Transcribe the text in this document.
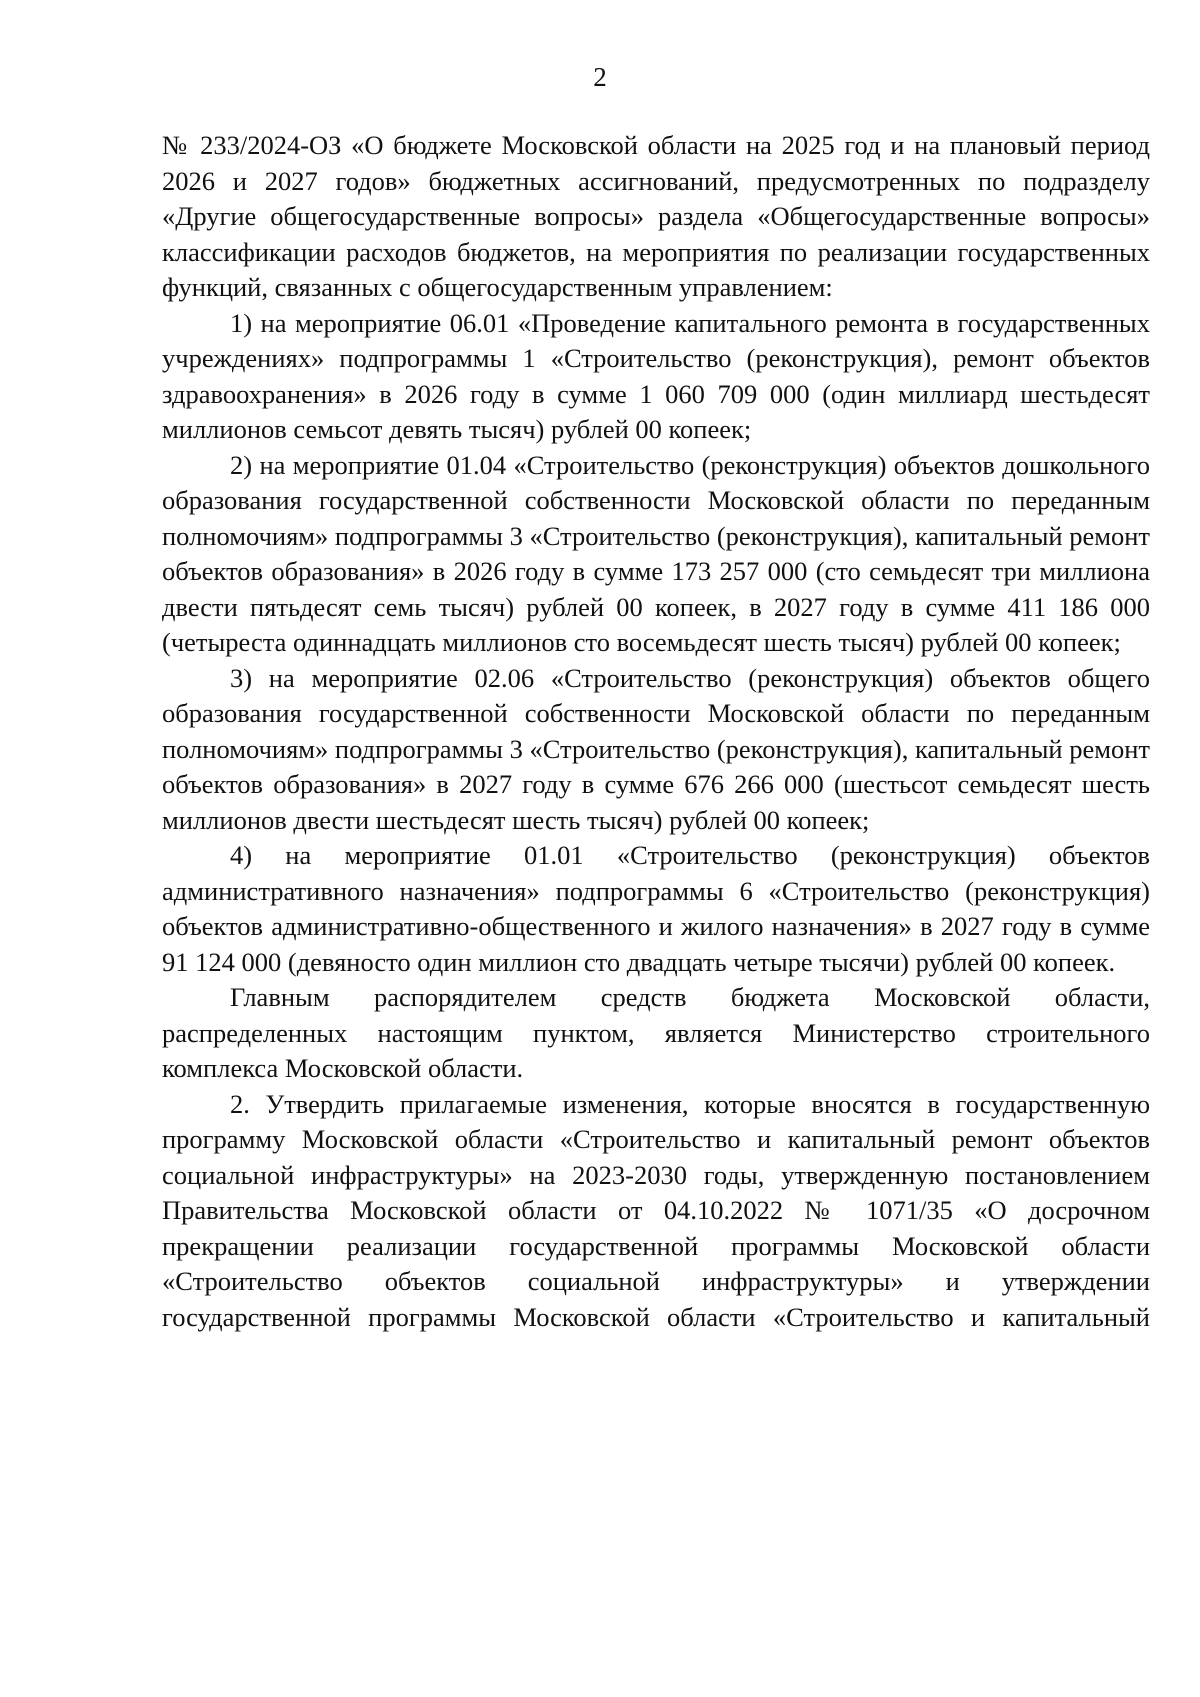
2

№ 233/2024-ОЗ «О бюджете Московской области на 2025 год и на плановый период 2026 и 2027 годов» бюджетных ассигнований, предусмотренных по подразделу «Другие общегосударственные вопросы» раздела «Общегосударственные вопросы» классификации расходов бюджетов, на мероприятия по реализации государственных функций, связанных с общегосударственным управлением:

1) на мероприятие 06.01 «Проведение капитального ремонта в государственных учреждениях» подпрограммы 1 «Строительство (реконструкция), ремонт объектов здравоохранения» в 2026 году в сумме 1 060 709 000 (один миллиард шестьдесят миллионов семьсот девять тысяч) рублей 00 копеек;

2) на мероприятие 01.04 «Строительство (реконструкция) объектов дошкольного образования государственной собственности Московской области по переданным полномочиям» подпрограммы 3 «Строительство (реконструкция), капитальный ремонт объектов образования» в 2026 году в сумме 173 257 000 (сто семьдесят три миллиона двести пятьдесят семь тысяч) рублей 00 копеек, в 2027 году в сумме 411 186 000 (четыреста одиннадцать миллионов сто восемьдесят шесть тысяч) рублей 00 копеек;

3) на мероприятие 02.06 «Строительство (реконструкция) объектов общего образования государственной собственности Московской области по переданным полномочиям» подпрограммы 3 «Строительство (реконструкция), капитальный ремонт объектов образования» в 2027 году в сумме 676 266 000 (шестьсот семьдесят шесть миллионов двести шестьдесят шесть тысяч) рублей 00 копеек;

4) на мероприятие 01.01 «Строительство (реконструкция) объектов административного назначения» подпрограммы 6 «Строительство (реконструкция) объектов административно-общественного и жилого назначения» в 2027 году в сумме 91 124 000 (девяносто один миллион сто двадцать четыре тысячи) рублей 00 копеек.

Главным распорядителем средств бюджета Московской области, распределенных настоящим пунктом, является Министерство строительного комплекса Московской области.

2. Утвердить прилагаемые изменения, которые вносятся в государственную программу Московской области «Строительство и капитальный ремонт объектов социальной инфраструктуры» на 2023-2030 годы, утвержденную постановлением Правительства Московской области от 04.10.2022 № 1071/35 «О досрочном прекращении реализации государственной программы Московской области «Строительство объектов социальной инфраструктуры» и утверждении государственной программы Московской области «Строительство и капитальный
